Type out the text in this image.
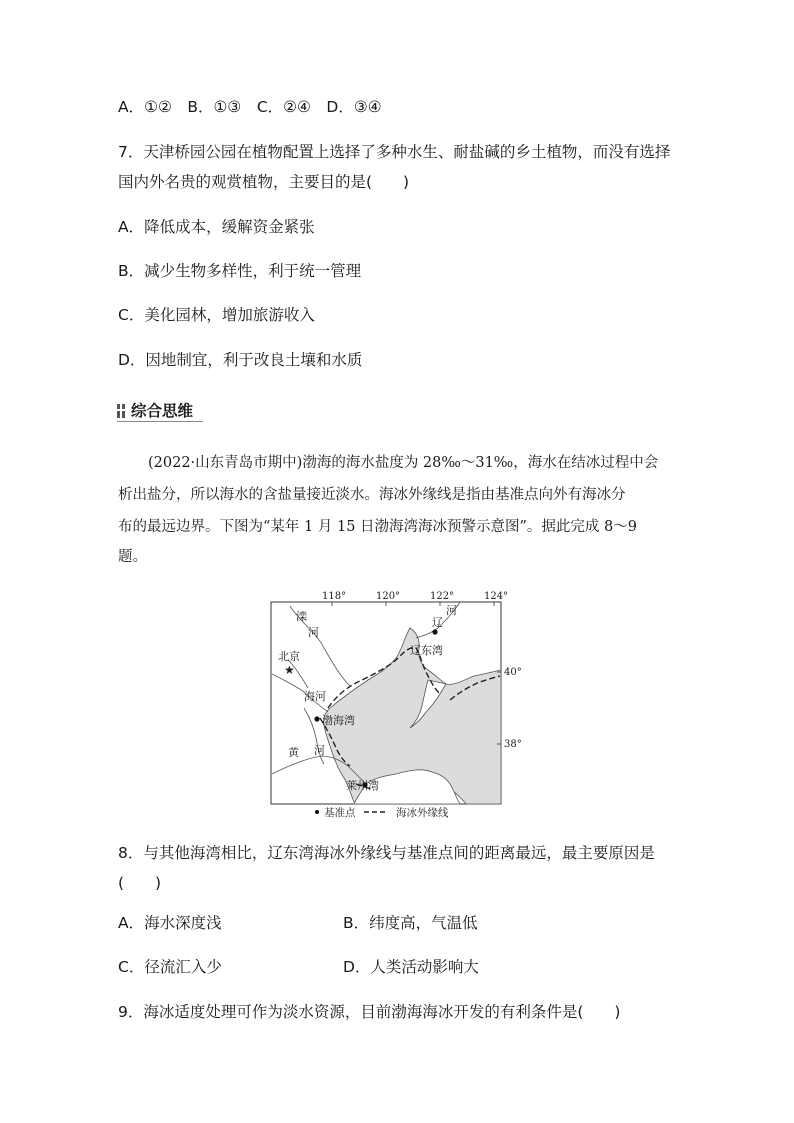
A．①②　B．①③　C．②④　D．③④
7．天津桥园公园在植物配置上选择了多种水生、耐盐碱的乡土植物，而没有选择
国内外名贵的观赏植物，主要目的是(　　)
A．降低成本，缓解资金紧张
B．减少生物多样性，利于统一管理
C．美化园林，增加旅游收入
D．因地制宜，利于改良土壤和水质
综合思维
(2022·山东青岛市期中)渤海的海水盐度为 28‰～31‰，海水在结冰过程中会
析出盐分，所以海水的含盐量接近淡水。海冰外缘线是指由基准点向外有海冰分
布的最远边界。下图为“某年 1 月 15 日渤海湾海冰预警示意图”。据此完成 8～9
题。
★
118°	120°	122°	124°
40°
38°
滦
河
北京
海河
渤海湾
黄 河
莱州湾
辽
河
辽东湾
基准点	海冰外缘线
8．与其他海湾相比，辽东湾海冰外缘线与基准点间的距离最远，最主要原因是
(　　)
A．海水深度浅	B．纬度高，气温低
C．径流汇入少	D．人类活动影响大
9．海冰适度处理可作为淡水资源，目前渤海海冰开发的有利条件是(　　)
